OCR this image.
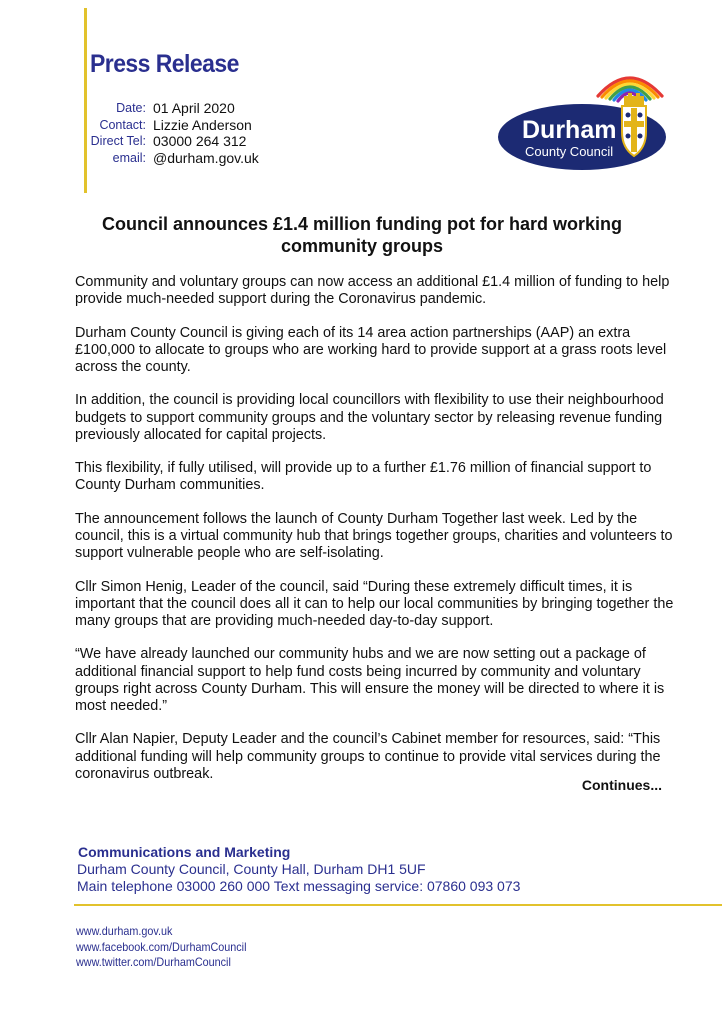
Press Release
Date: 01 April 2020
Contact: Lizzie Anderson
Direct Tel: 03000 264 312
email: @durham.gov.uk
Durham
County Council
Council announces £1.4 million funding pot for hard working community groups

Community and voluntary groups can now access an additional £1.4 million of funding to help provide much-needed support during the Coronavirus pandemic.

Durham County Council is giving each of its 14 area action partnerships (AAP) an extra £100,000 to allocate to groups who are working hard to provide support at a grass roots level across the county.

In addition, the council is providing local councillors with flexibility to use their neighbourhood budgets to support community groups and the voluntary sector by releasing revenue funding previously allocated for capital projects.

This flexibility, if fully utilised, will provide up to a further £1.76 million of financial support to County Durham communities.

The announcement follows the launch of County Durham Together last week. Led by the council, this is a virtual community hub that brings together groups, charities and volunteers to support vulnerable people who are self-isolating.

Cllr Simon Henig, Leader of the council, said “During these extremely difficult times, it is important that the council does all it can to help our local communities by bringing together the many groups that are providing much-needed day-to-day support.

“We have already launched our community hubs and we are now setting out a package of additional financial support to help fund costs being incurred by community and voluntary groups right across County Durham. This will ensure the money will be directed to where it is most needed.”

Cllr Alan Napier, Deputy Leader and the council’s Cabinet member for resources, said: “This additional funding will help community groups to continue to provide vital services during the coronavirus outbreak.

Continues...
Communications and Marketing
Durham County Council, County Hall, Durham DH1 5UF
Main telephone 03000 260 000 Text messaging service: 07860 093 073
www.durham.gov.uk
www.facebook.com/DurhamCouncil
www.twitter.com/DurhamCouncil
